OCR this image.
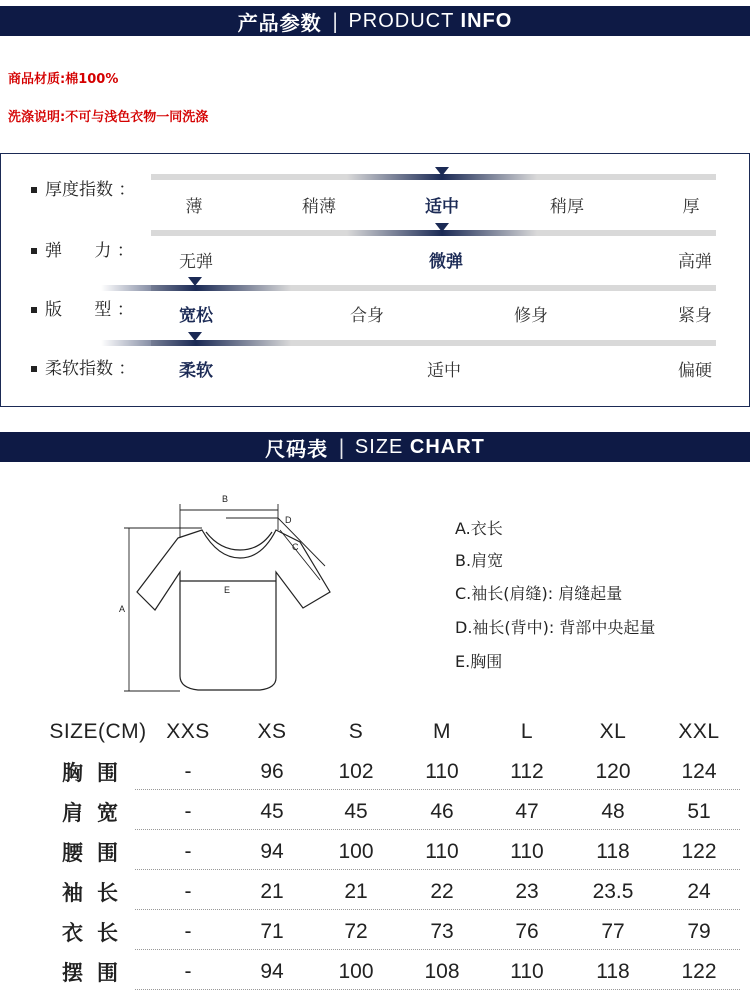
产品参数 | PRODUCT INFO
商品材质:棉100%
洗涤说明:不可与浅色衣物一同洗涤
厚度指数 ：
薄	稍薄	适中	稍厚	厚
弹      力 ：
无弹	微弹	高弹
版      型 ：	宽松	合身	修身	紧身
柔软指数 ：	柔软	适中	偏硬
尺码表 | SIZE CHART
A
B
C
D
E
A.衣长
B.肩宽
C.袖长(肩缝): 肩缝起量
D.袖长(背中): 背部中央起量
E.胸围
SIZE(CM) XXS XS	S	M	L	XL XXL
胸围	-	96	102 110 112 120 124
肩宽	-	45	45	46	47	48	51
腰围	-	94	100 110 110	118 122
袖长	-	21	21	22	23	23.5	24
衣长	-	71	72	73	76	77	79
摆围	-	94	100 108 110	118 122
